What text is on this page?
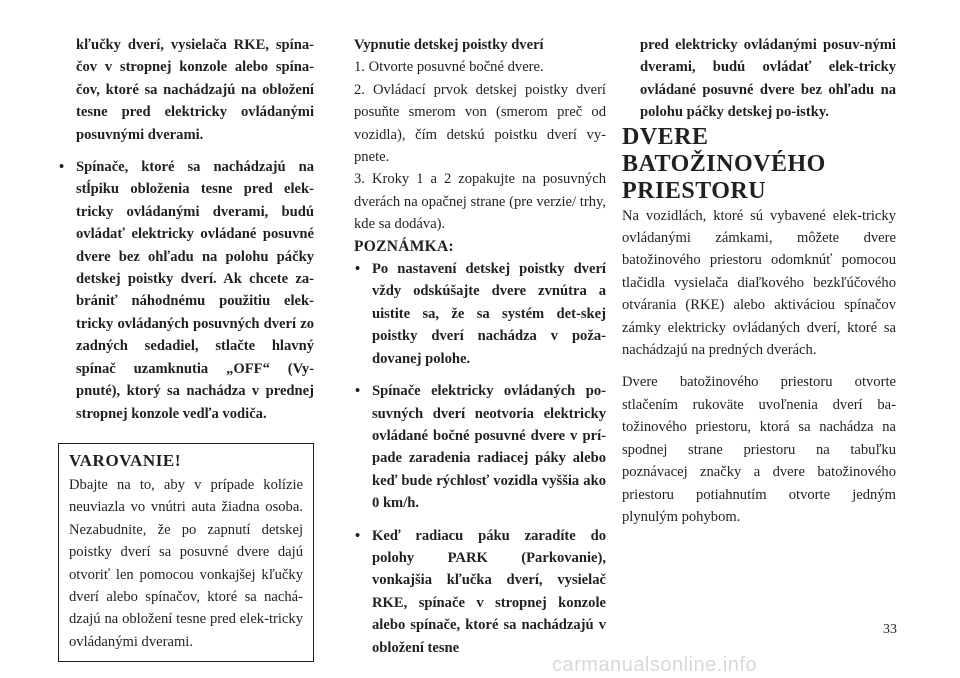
kľučky dverí, vysielača RKE, spína-čov v stropnej konzole alebo spína-čov, ktoré sa nachádzajú na obložení tesne pred elektricky ovládanými posuvnými dverami.

• Spínače, ktoré sa nachádzajú na stĺpiku obloženia tesne pred elek-tricky ovládanými dverami, budú ovládať elektricky ovládané posuvné dvere bez ohľadu na polohu páčky detskej poistky dverí. Ak chcete za-brániť náhodnému použitiu elek-tricky ovládaných posuvných dverí zo zadných sedadiel, stlačte hlavný spínač uzamknutia „OFF“ (Vy-pnuté), ktorý sa nachádza v prednej stropnej konzole vedľa vodiča.
VAROVANIE!
Dbajte na to, aby v prípade kolízie neuviazla vo vnútri auta žiadna osoba. Nezabudnite, že po zapnutí detskej poistky dverí sa posuvné dvere dajú otvoriť len pomocou vonkajšej kľučky dverí alebo spínačov, ktoré sa nachá-dzajú na obložení tesne pred elek-tricky ovládanými dverami.

Vypnutie detskej poistky dverí

1. Otvorte posuvné bočné dvere.

2. Ovládací prvok detskej poistky dverí posuňte smerom von (smerom preč od vozidla), čím detskú poistku dverí vy-pnete.

3. Kroky 1 a 2 zopakujte na posuvných dverách na opačnej strane (pre verzie/ trhy, kde sa dodáva).

POZNÁMKA:

• Po nastavení detskej poistky dverí vždy odskúšajte dvere zvnútra a uistite sa, že sa systém det-skej poistky dverí nachádza v poža-dovanej polohe.
• Spínače elektricky ovládaných po-suvných dverí neotvoria elektricky ovládané bočné posuvné dvere v prí-pade zaradenia radiacej páky alebo keď bude rýchlosť vozidla vyššia ako 0 km/h.
• Keď radiacu páku zaradíte do polohy PARK (Parkovanie), vonkajšia kľučka dverí, vysielač RKE, spínače v stropnej konzole alebo spínače, ktoré sa nachádzajú v obložení tesne

pred elektricky ovládanými posuv-nými dverami, budú ovládať elek-tricky ovládané posuvné dvere bez ohľadu na polohu páčky detskej po-istky.

DVERE BATOŽINOVÉHO PRIESTORU

Na vozidlách, ktoré sú vybavené elek-tricky ovládanými zámkami, môžete dvere batožinového priestoru odomknúť pomocou tlačidla vysielača diaľkového bezkľúčového otvárania (RKE) alebo aktiváciou spínačov zámky elektricky ovládaných dverí, ktoré sa nachádzajú na predných dverách.

Dvere batožinového priestoru otvorte stlačením rukoväte uvoľnenia dverí ba-tožinového priestoru, ktorá sa nachádza na spodnej strane priestoru na tabuľku poznávacej značky a dvere batožinového priestoru potiahnutím otvorte jedným plynulým pohybom.

33
carmanualsonline.info
